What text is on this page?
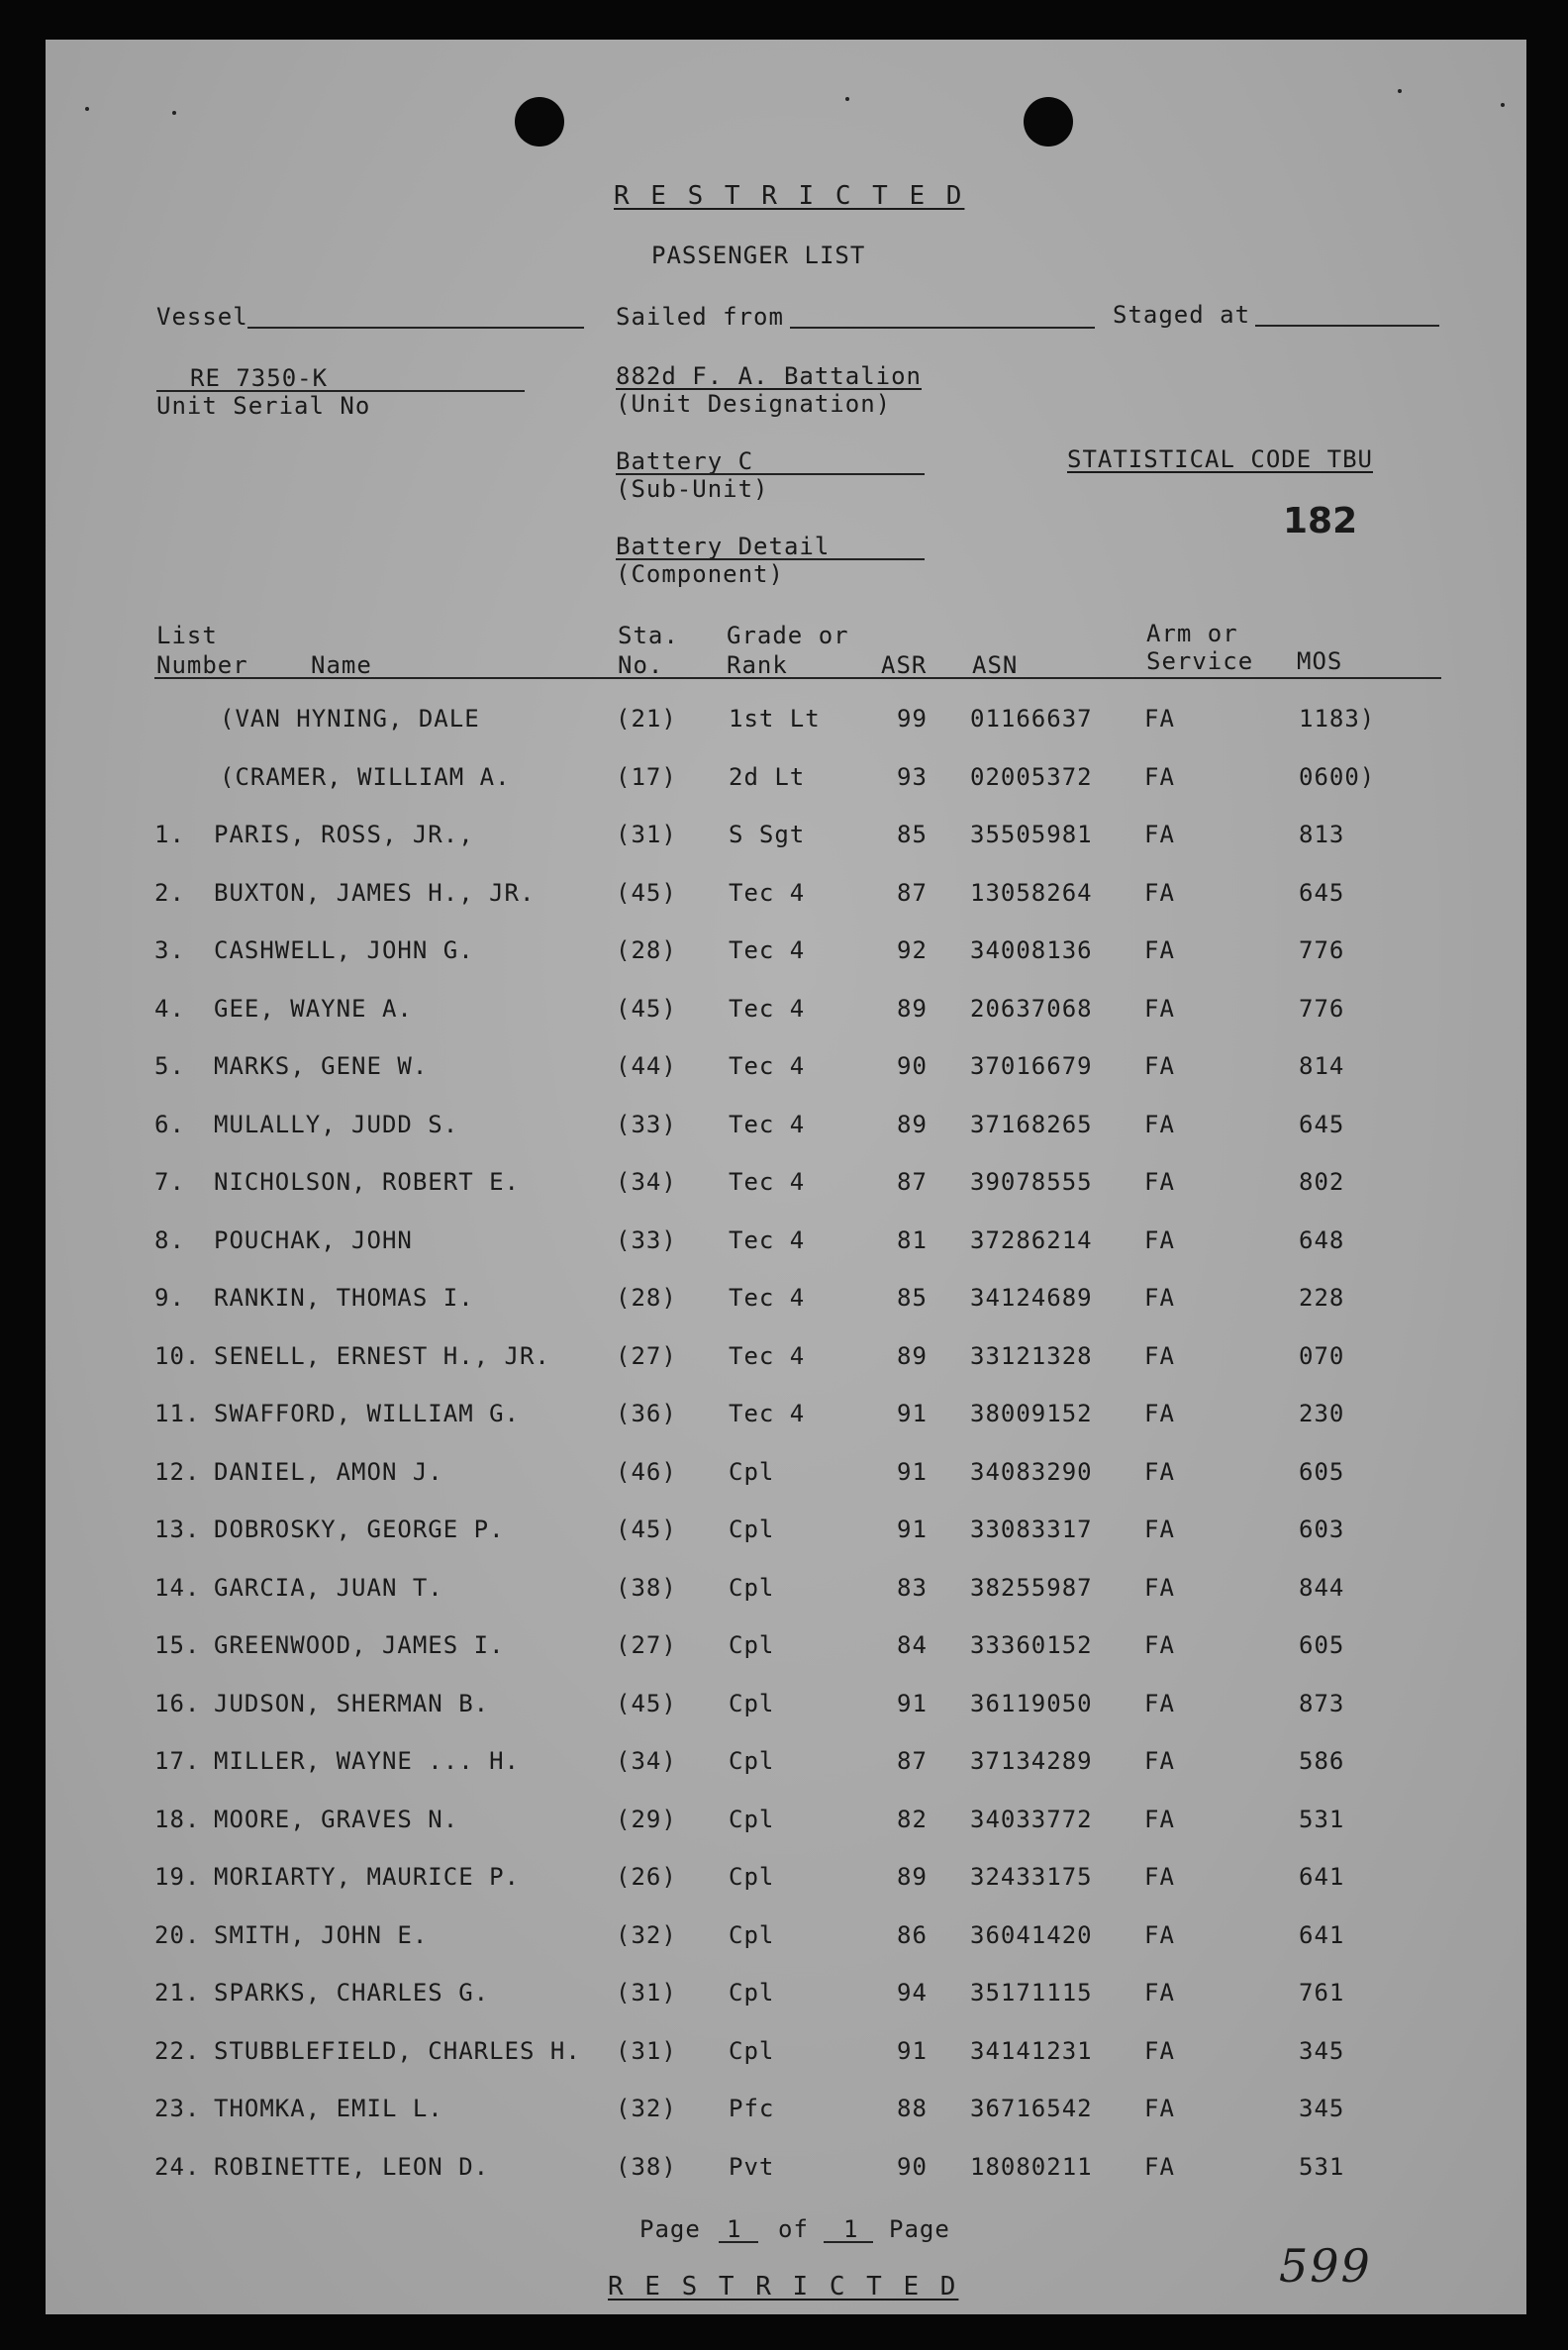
R E S T R I C T E D
PASSENGER LIST
Vessel	Sailed from	Staged at
RE 7350-K
Unit Serial No
882d F. A. Battalion
(Unit Designation)
Battery C
(Sub-Unit)
STATISTICAL CODE TBU
182
Battery Detail
(Component)
List
Number	Name
Sta.
No.
Grade or
Rank	ASR ASN
Arm or
Service MOS
(VAN HYNING, DALE	(21) 1st Lt	99 01166637 FA	1183)
(CRAMER, WILLIAM A.	(17) 2d Lt	93 02005372 FA	0600)
1. PARIS, ROSS, JR.,	(31) S Sgt	85 35505981 FA	813
2. BUXTON, JAMES H., JR.	(45) Tec 4	87 13058264 FA	645
3. CASHWELL, JOHN G.	(28) Tec 4	92 34008136 FA	776
4. GEE, WAYNE A.	(45) Tec 4	89 20637068 FA	776
5. MARKS, GENE W.	(44) Tec 4	90 37016679 FA	814
6. MULALLY, JUDD S.	(33) Tec 4	89 37168265 FA	645
7. NICHOLSON, ROBERT E.	(34) Tec 4	87 39078555 FA	802
8. POUCHAK, JOHN	(33) Tec 4	81 37286214 FA	648
9. RANKIN, THOMAS I.	(28) Tec 4	85 34124689 FA	228
10. SENELL, ERNEST H., JR.	(27) Tec 4	89 33121328 FA	070
11. SWAFFORD, WILLIAM G.	(36) Tec 4	91 38009152 FA	230
12. DANIEL, AMON J.	(46) Cpl	91 34083290 FA	605
13. DOBROSKY, GEORGE P.	(45) Cpl	91 33083317 FA	603
14. GARCIA, JUAN T.	(38) Cpl	83 38255987 FA	844
15. GREENWOOD, JAMES I.	(27) Cpl	84 33360152 FA	605
16. JUDSON, SHERMAN B.	(45) Cpl	91 36119050 FA	873
17. MILLER, WAYNE ... H.	(34) Cpl	87 37134289 FA	586
18. MOORE, GRAVES N.	(29) Cpl	82 34033772 FA	531
19. MORIARTY, MAURICE P.	(26) Cpl	89 32433175 FA	641
20. SMITH, JOHN E.	(32) Cpl	86 36041420 FA	641
21. SPARKS, CHARLES G.	(31) Cpl	94 35171115 FA	761
22. STUBBLEFIELD, CHARLES H. (31) Cpl	91 34141231 FA	345
23. THOMKA, EMIL L.	(32) Pfc	88 36716542 FA	345
24. ROBINETTE, LEON D.	(38) Pvt	90 18080211 FA	531
Page 1 of 1 Page
R E S T R I C T E D	599
